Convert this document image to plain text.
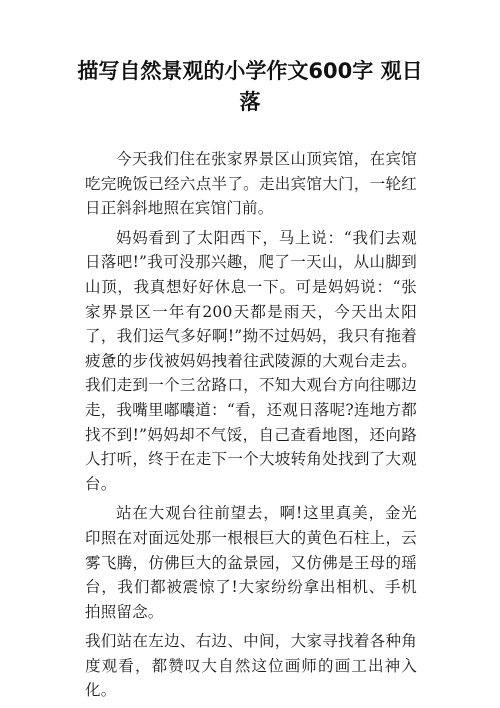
描写自然景观的小学作文600字 观日
落

今天我们住在张家界景区山顶宾馆，在宾馆吃完晚饭已经六点半了。走出宾馆大门，一轮红日正斜斜地照在宾馆门前。

妈妈看到了太阳西下，马上说：“我们去观日落吧!”我可没那兴趣，爬了一天山，从山脚到山顶，我真想好好休息一下。可是妈妈说：“张家界景区一年有200天都是雨天，今天出太阳了，我们运气多好啊!”拗不过妈妈，我只有拖着疲惫的步伐被妈妈拽着往武陵源的大观台走去。我们走到一个三岔路口，不知大观台方向往哪边走，我嘴里嘟囔道：“看，还观日落呢?连地方都找不到!”妈妈却不气馁，自己查看地图，还向路人打听，终于在走下一个大坡转角处找到了大观台。

站在大观台往前望去，啊!这里真美，金光印照在对面远处那一根根巨大的黄色石柱上，云雾飞腾，仿佛巨大的盆景园，又仿佛是王母的瑶台，我们都被震惊了!大家纷纷拿出相机、手机拍照留念。

我们站在左边、右边、中间，大家寻找着各种角度观看，都赞叹大自然这位画师的画工出神入化。
